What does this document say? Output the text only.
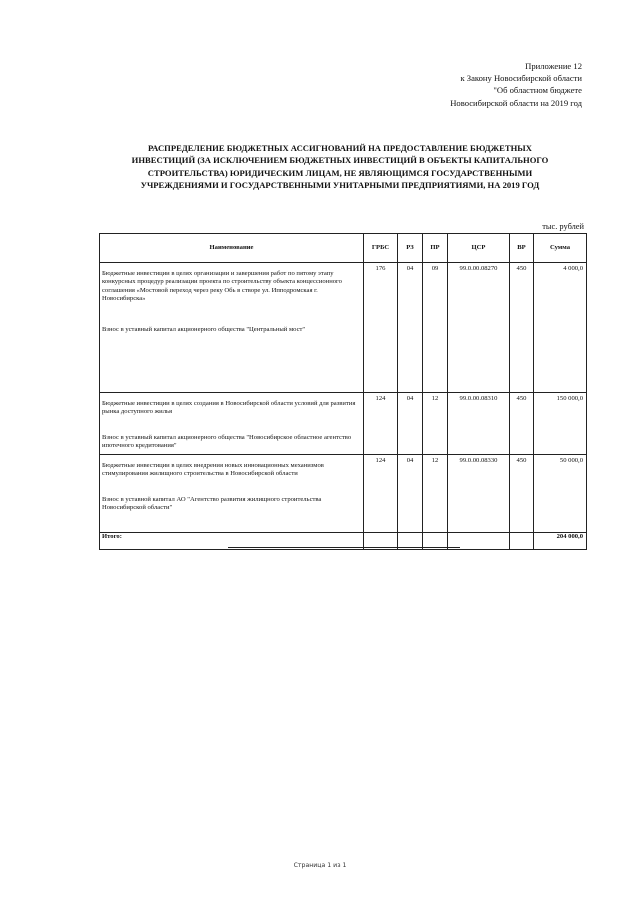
Приложение 12
к Закону Новосибирской области
"Об областном бюджете
Новосибирской области на 2019 год
РАСПРЕДЕЛЕНИЕ БЮДЖЕТНЫХ АССИГНОВАНИЙ НА ПРЕДОСТАВЛЕНИЕ БЮДЖЕТНЫХ
ИНВЕСТИЦИЙ (ЗА ИСКЛЮЧЕНИЕМ БЮДЖЕТНЫХ ИНВЕСТИЦИЙ В ОБЪЕКТЫ КАПИТАЛЬНОГО
СТРОИТЕЛЬСТВА) ЮРИДИЧЕСКИМ ЛИЦАМ, НЕ ЯВЛЯЮЩИМСЯ ГОСУДАРСТВЕННЫМИ
УЧРЕЖДЕНИЯМИ И ГОСУДАРСТВЕННЫМИ УНИТАРНЫМИ ПРЕДПРИЯТИЯМИ, НА 2019 ГОД
тыс. рублей
Наименование	ГРБС	РЗ	ПР	ЦСР	ВР	Сумма

Бюджетные инвестиции в целях организации и завершения работ по пятому этапу конкурсных процедур реализации проекта по строительству объекта концессионного соглашения «Мостовой переход через реку Обь в створе ул. Ипподромская г. Новосибирска»

Взнос в уставный капитал акционерного общества "Центральный мост"	176	04	09	99.0.00.08270	450	4 000,0

Бюджетные инвестиции в целях создания в Новосибирской области условий для развития рынка доступного жилья

Взнос в уставный капитал акционерного общества "Новосибирское областное агентство ипотечного кредитования"	124	04	12	99.0.00.08310	450	150 000,0

Бюджетные инвестиции в целях внедрения новых инновационных механизмов стимулирования жилищного строительства в Новосибирской области

Взнос в уставной капитал АО "Агентство развития жилищного строительства Новосибирской области"	124	04	12	99.0.00.08330	450	50 000,0
Итого:						204 000,0
Страница 1 из 1
